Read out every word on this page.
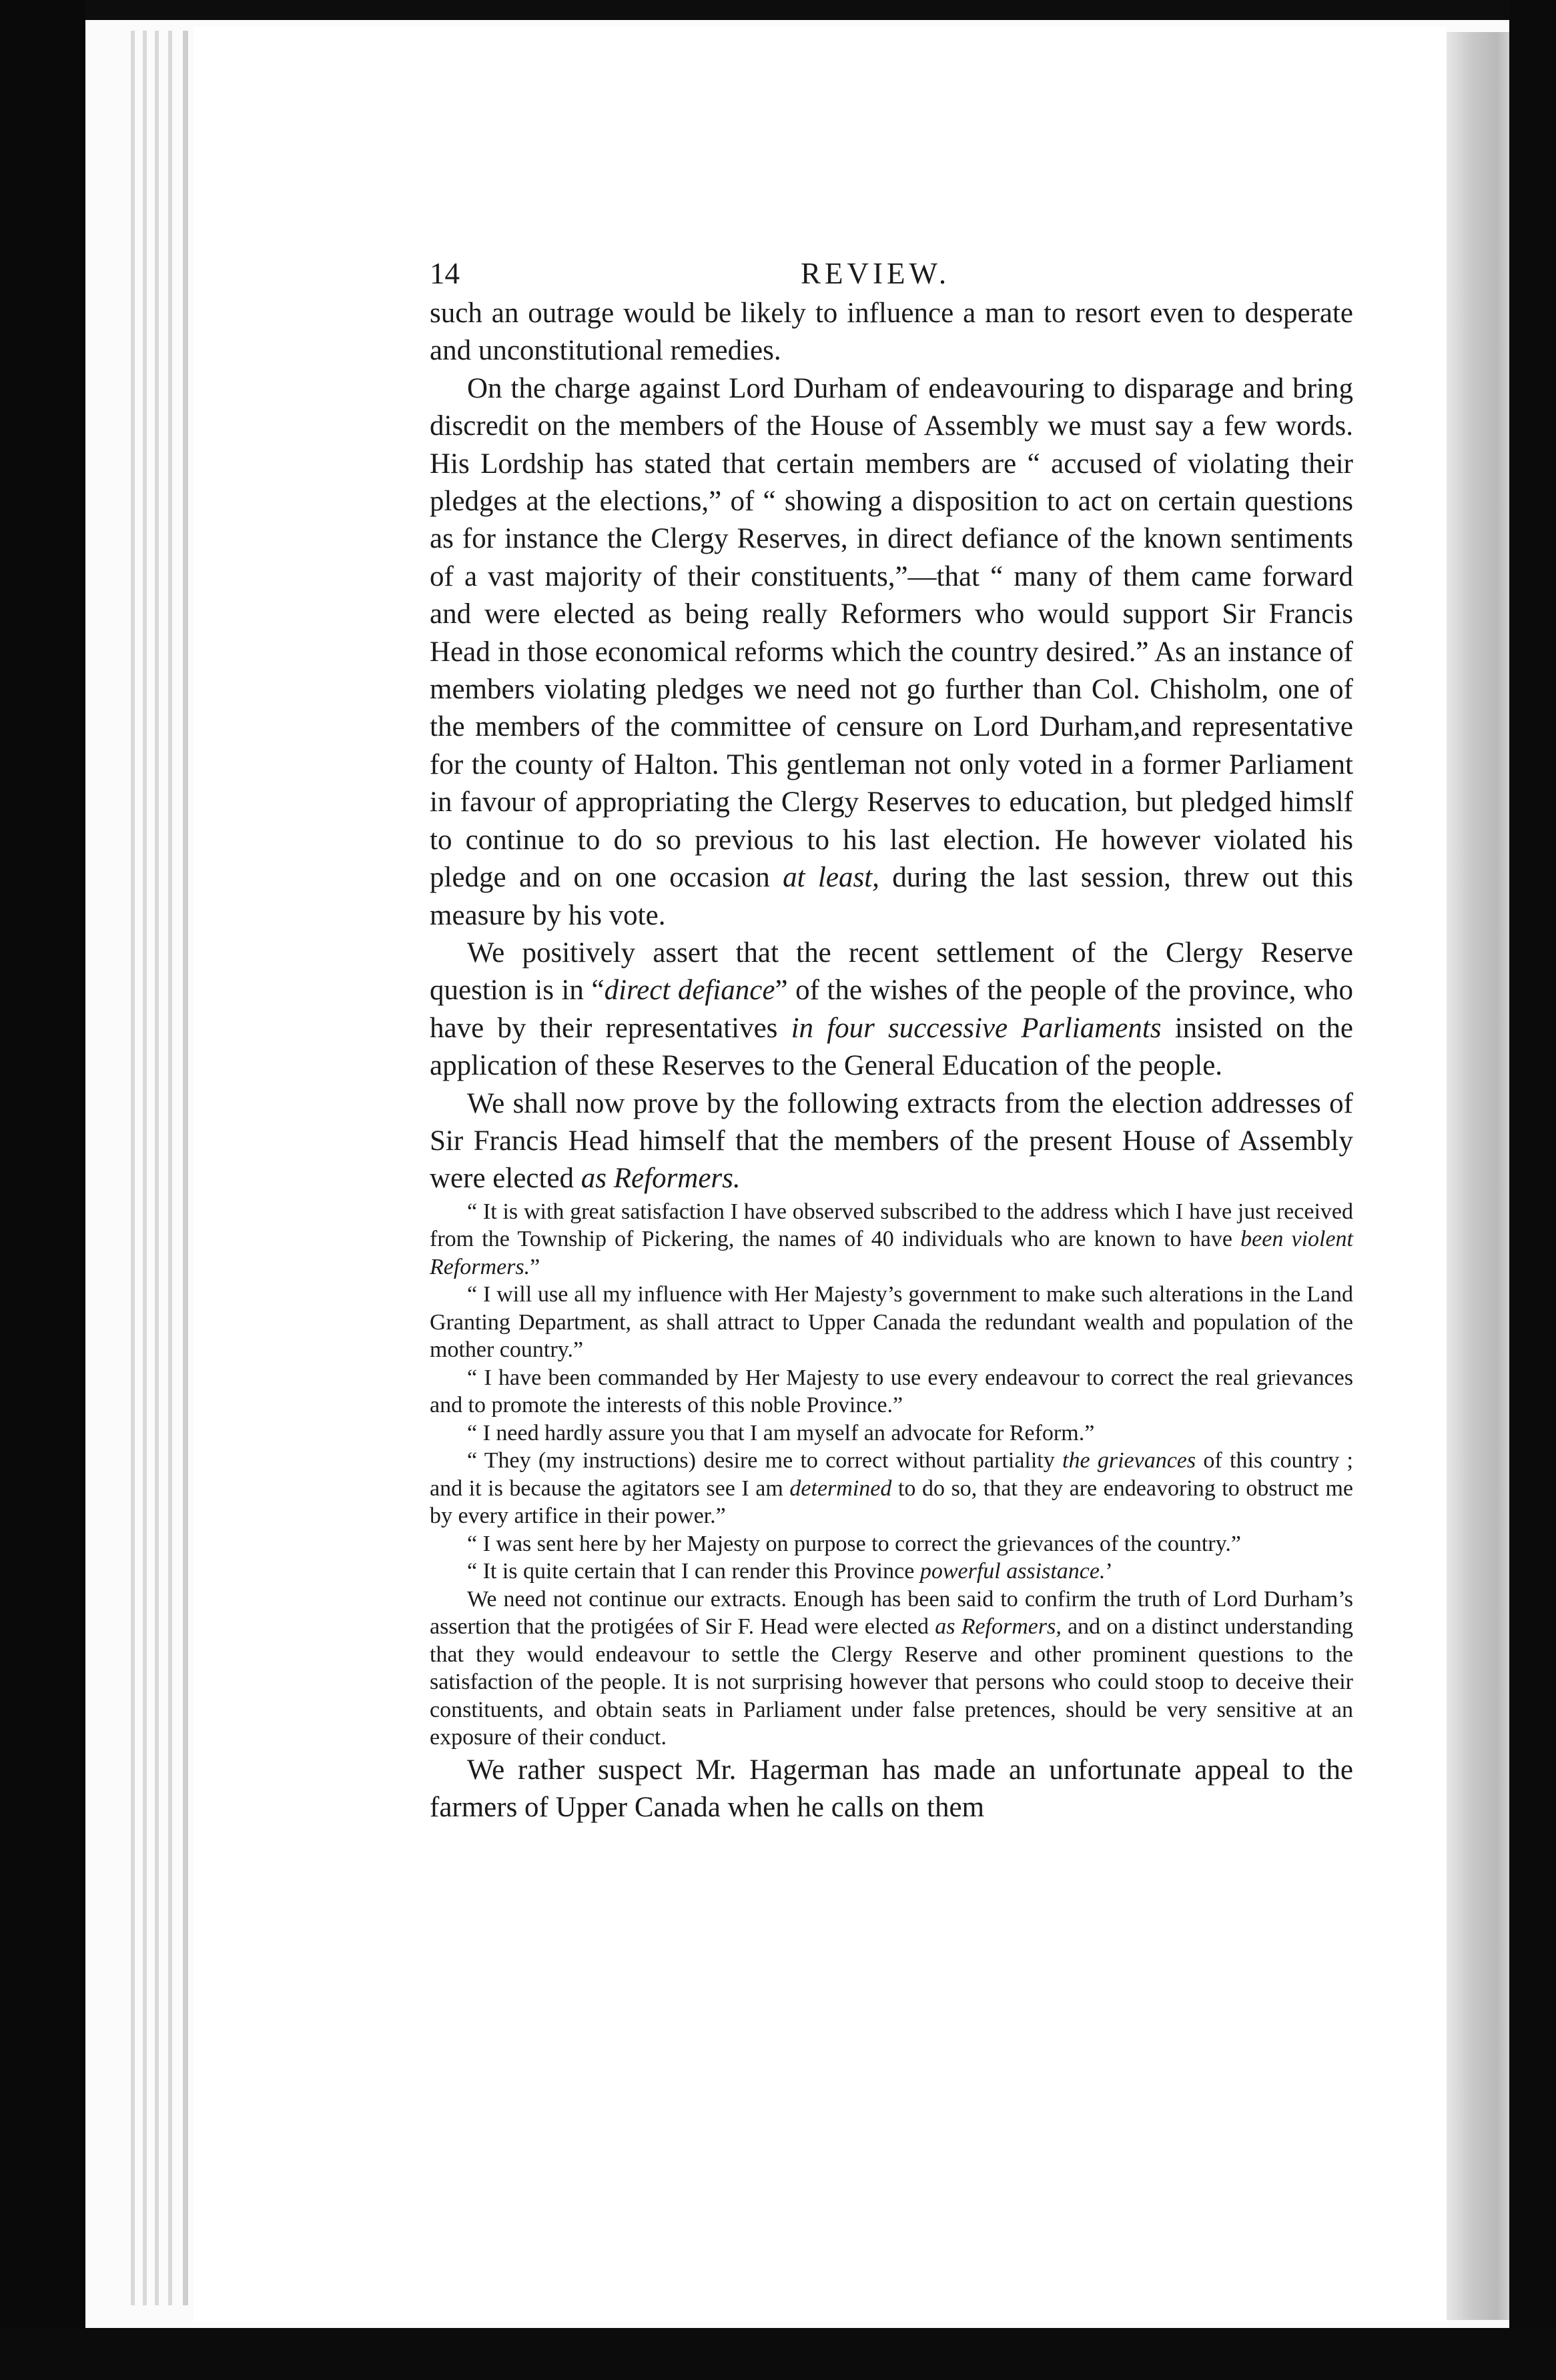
14	REVIEW.

such an outrage would be likely to influence a man to resort even to desperate and unconstitutional remedies.

On the charge against Lord Durham of endeavouring to disparage and bring discredit on the members of the House of Assembly we must say a few words. His Lordship has stated that certain members are “ accused of violating their pledges at the elections,” of “ showing a disposition to act on certain questions as for instance the Clergy Reserves, in direct defiance of the known sentiments of a vast majority of their constituents,”—that “ many of them came forward and were elected as being really Reformers who would support Sir Francis Head in those economical reforms which the country desired.” As an instance of members violating pledges we need not go further than Col. Chisholm, one of the members of the committee of censure on Lord Durham,and representative for the county of Halton. This gentleman not only voted in a former Parliament in favour of appropriating the Clergy Reserves to education, but pledged himslf to continue to do so previous to his last election. He however violated his pledge and on one occasion at least, during the last session, threw out this measure by his vote.

We positively assert that the recent settlement of the Clergy Reserve question is in “direct defiance” of the wishes of the people of the province, who have by their representatives in four successive Parliaments insisted on the application of these Reserves to the General Education of the people.

We shall now prove by the following extracts from the election addresses of Sir Francis Head himself that the members of the present House of Assembly were elected as Reformers.

“ It is with great satisfaction I have observed subscribed to the address which I have just received from the Township of Pickering, the names of 40 individuals who are known to have been violent Reformers.”

“ I will use all my influence with Her Majesty’s government to make such alterations in the Land Granting Department, as shall attract to Upper Canada the redundant wealth and population of the mother country.”

“ I have been commanded by Her Majesty to use every endeavour to correct the real grievances and to promote the interests of this noble Province.”

“ I need hardly assure you that I am myself an advocate for Reform.”

“ They (my instructions) desire me to correct without partiality the grievances of this country ; and it is because the agitators see I am determined to do so, that they are endeavoring to obstruct me by every artifice in their power.”

“ I was sent here by her Majesty on purpose to correct the grievances of the country.”

“ It is quite certain that I can render this Province powerful assistance.’

We need not continue our extracts. Enough has been said to confirm the truth of Lord Durham’s assertion that the protigées of Sir F. Head were elected as Reformers, and on a distinct understanding that they would endeavour to settle the Clergy Reserve and other prominent questions to the satisfaction of the people. It is not surprising however that persons who could stoop to deceive their constituents, and obtain seats in Parliament under false pretences, should be very sensitive at an exposure of their conduct.

We rather suspect Mr. Hagerman has made an unfortunate appeal to the farmers of Upper Canada when he calls on them
